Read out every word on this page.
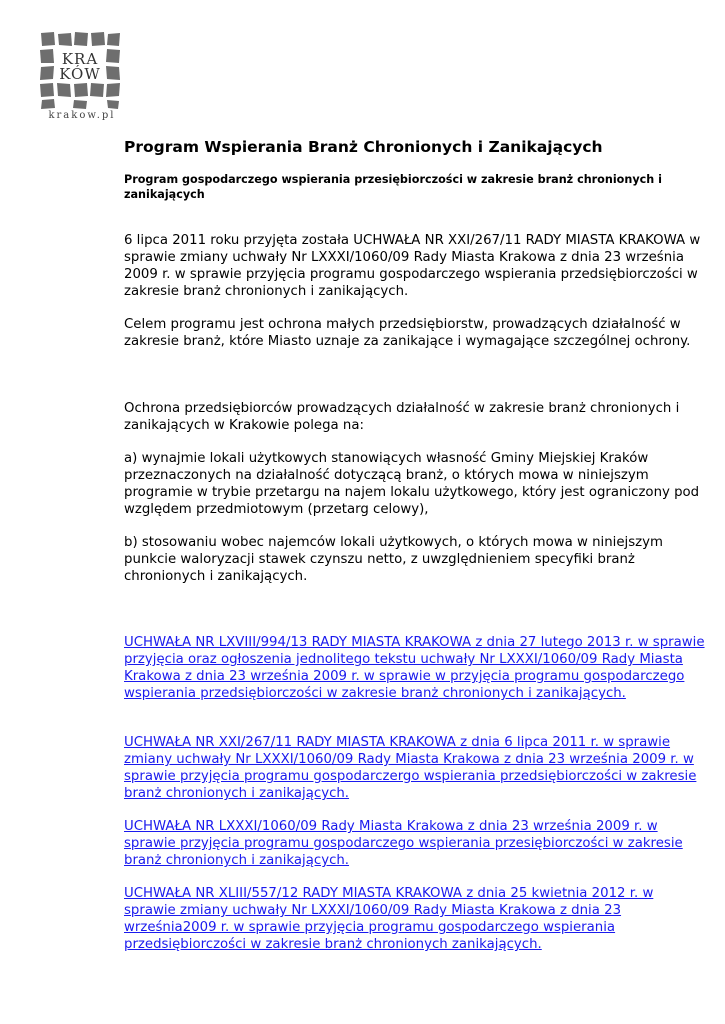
KRA
KÓW
krakow.pl
Program Wspierania Branż Chronionych i Zanikających

Program gospodarczego wspierania przesiębiorczości w zakresie branż chronionych i zanikających

6 lipca 2011 roku przyjęta została UCHWAŁA NR XXI/267/11 RADY MIASTA KRAKOWA w sprawie zmiany uchwały Nr LXXXI/1060/09 Rady Miasta Krakowa z dnia 23 września 2009 r. w sprawie przyjęcia programu gospodarczego wspierania przedsiębiorczości w zakresie branż chronionych i zanikających.

Celem programu jest ochrona małych przedsiębiorstw, prowadzących działalność w zakresie branż, które Miasto uznaje za zanikające i wymagające szczególnej ochrony.

Ochrona przedsiębiorców prowadzących działalność w zakresie branż chronionych i zanikających w Krakowie polega na:

a) wynajmie lokali użytkowych stanowiących własność Gminy Miejskiej Kraków przeznaczonych na działalność dotyczącą branż, o których mowa w niniejszym programie w trybie przetargu na najem lokalu użytkowego, który jest ograniczony pod względem przedmiotowym (przetarg celowy),

b) stosowaniu wobec najemców lokali użytkowych, o których mowa w niniejszym punkcie waloryzacji stawek czynszu netto, z uwzględnieniem specyfiki branż chronionych i zanikających.

UCHWAŁA NR LXVIII/994/13 RADY MIASTA KRAKOWA z dnia 27 lutego 2013 r. w sprawie przyjęcia oraz ogłoszenia jednolitego tekstu uchwały Nr LXXXI/1060/09 Rady Miasta Krakowa z dnia 23 września 2009 r. w sprawie w przyjęcia programu gospodarczego wspierania przedsiębiorczości w zakresie branż chronionych i zanikających.
UCHWAŁA NR XXI/267/11 RADY MIASTA KRAKOWA z dnia 6 lipca 2011 r. w sprawie zmiany uchwały Nr LXXXI/1060/09 Rady Miasta Krakowa z dnia 23 września 2009 r. w sprawie przyjęcia programu gospodarczergo wspierania przedsiębiorczości w zakresie branż chronionych i zanikających.
UCHWAŁA NR LXXXI/1060/09 Rady Miasta Krakowa z dnia 23 września 2009 r. w sprawie przyjęcia programu gospodarczego wspierania przesiębiorczości w zakresie branż chronionych i zanikających.
UCHWAŁA NR XLIII/557/12 RADY MIASTA KRAKOWA z dnia 25 kwietnia 2012 r. w sprawie zmiany uchwały Nr LXXXI/1060/09 Rady Miasta Krakowa z dnia 23 września2009 r. w sprawie przyjęcia programu gospodarczego wspierania przedsiębiorczości w zakresie branż chronionych zanikających.
